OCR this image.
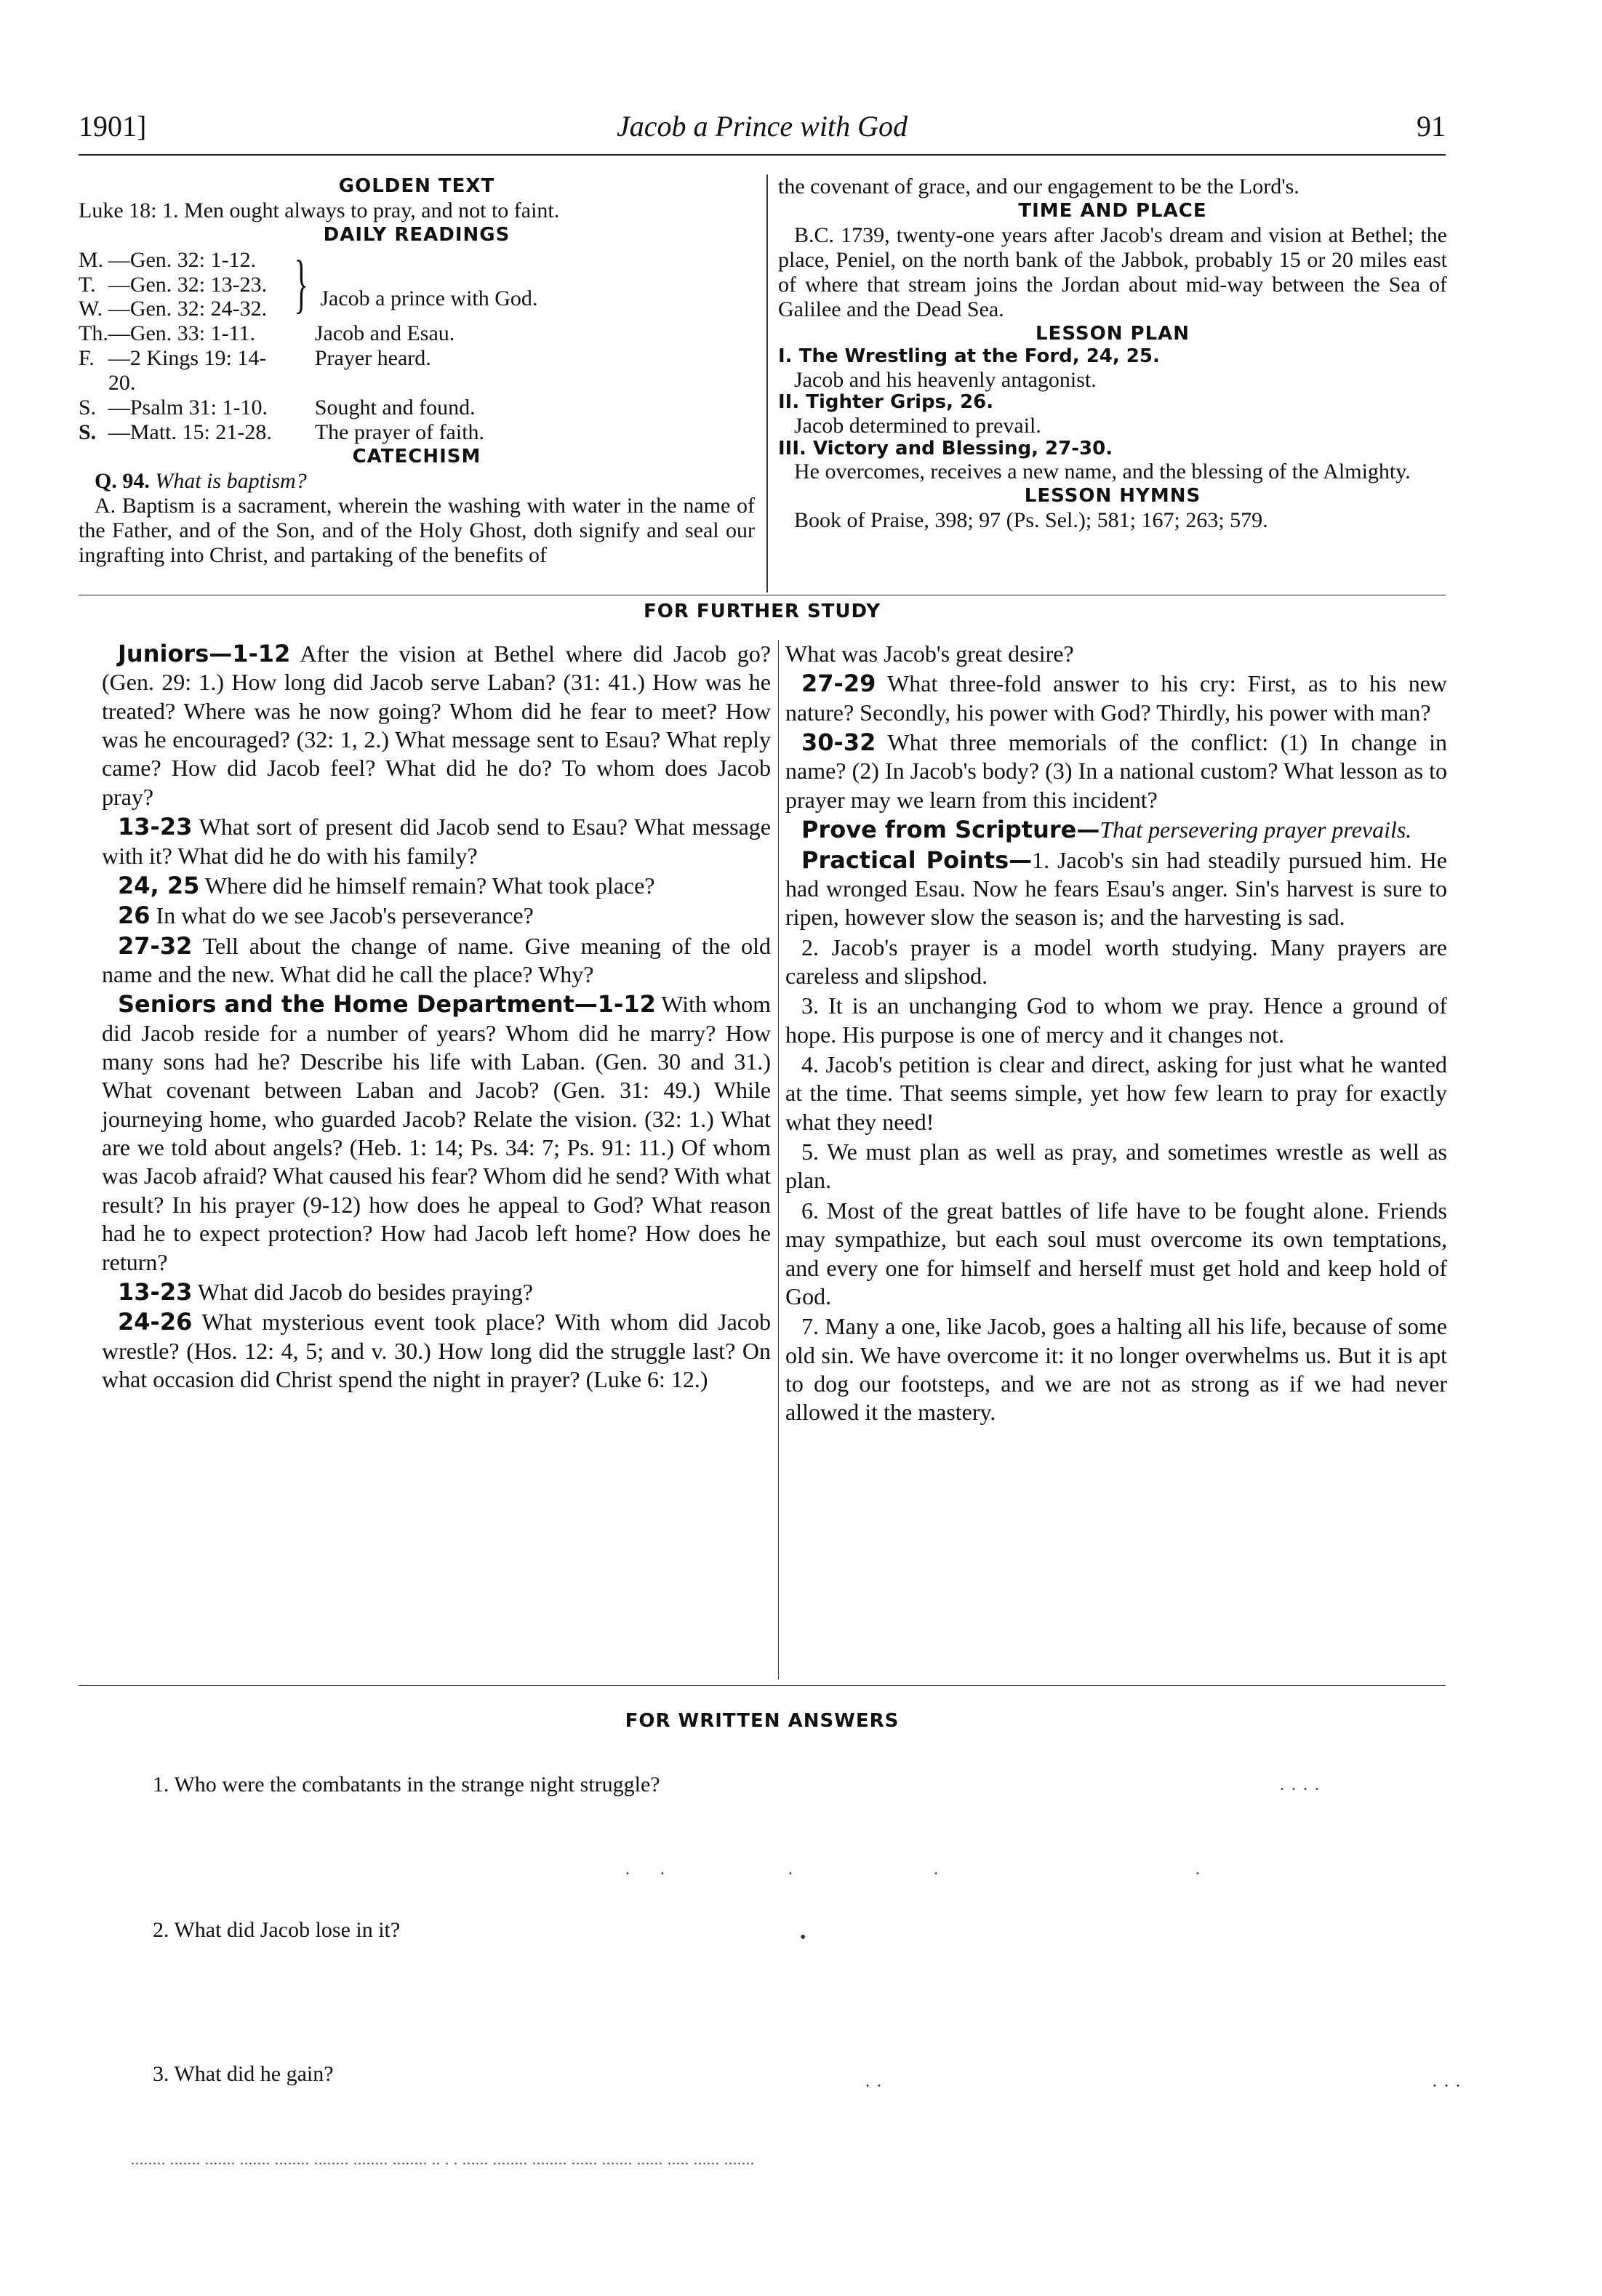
1901]	Jacob a Prince with God	91
GOLDEN TEXT

Luke 18: 1. Men ought always to pray, and not to faint.

DAILY READINGS
M.	—Gen. 32: 1-12.	} Jacob a prince with God.
T.	—Gen. 32: 13-23.	
W.	—Gen. 32: 24-32.	
Th.	—Gen. 33: 1-11.	Jacob and Esau.
F.	—2 Kings 19: 14-20.	Prayer heard.
S.	—Psalm 31: 1-10.	Sought and found.
S.	—Matt. 15: 21-28.	The prayer of faith.
CATECHISM

Q. 94. What is baptism?

A. Baptism is a sacrament, wherein the washing with water in the name of the Father, and of the Son, and of the Holy Ghost, doth signify and seal our ingrafting into Christ, and partaking of the benefits of

the covenant of grace, and our engagement to be the Lord's.

TIME AND PLACE

B.C. 1739, twenty-one years after Jacob's dream and vision at Bethel; the place, Peniel, on the north bank of the Jabbok, probably 15 or 20 miles east of where that stream joins the Jordan about mid-way between the Sea of Galilee and the Dead Sea.

LESSON PLAN

I. The Wrestling at the Ford, 24, 25.

Jacob and his heavenly antagonist.

II. Tighter Grips, 26.

Jacob determined to prevail.

III. Victory and Blessing, 27-30.

He overcomes, receives a new name, and the blessing of the Almighty.

LESSON HYMNS

Book of Praise, 398; 97 (Ps. Sel.); 581; 167; 263; 579.

FOR FURTHER STUDY

Juniors—1-12 After the vision at Bethel where did Jacob go? (Gen. 29: 1.) How long did Jacob serve Laban? (31: 41.) How was he treated? Where was he now going? Whom did he fear to meet? How was he encouraged? (32: 1, 2.) What message sent to Esau? What reply came? How did Jacob feel? What did he do? To whom does Jacob pray?

13-23 What sort of present did Jacob send to Esau? What message with it? What did he do with his family?

24, 25 Where did he himself remain? What took place?

26 In what do we see Jacob's perseverance?

27-32 Tell about the change of name. Give meaning of the old name and the new. What did he call the place? Why?

Seniors and the Home Department—1-12 With whom did Jacob reside for a number of years? Whom did he marry? How many sons had he? Describe his life with Laban. (Gen. 30 and 31.) What covenant between Laban and Jacob? (Gen. 31: 49.) While journeying home, who guarded Jacob? Relate the vision. (32: 1.) What are we told about angels? (Heb. 1: 14; Ps. 34: 7; Ps. 91: 11.) Of whom was Jacob afraid? What caused his fear? Whom did he send? With what result? In his prayer (9-12) how does he appeal to God? What reason had he to expect protection? How had Jacob left home? How does he return?

13-23 What did Jacob do besides praying?

24-26 What mysterious event took place? With whom did Jacob wrestle? (Hos. 12: 4, 5; and v. 30.) How long did the struggle last? On what occasion did Christ spend the night in prayer? (Luke 6: 12.)

What was Jacob's great desire?

27-29 What three-fold answer to his cry: First, as to his new nature? Secondly, his power with God? Thirdly, his power with man?

30-32 What three memorials of the conflict: (1) In change in name? (2) In Jacob's body? (3) In a national custom? What lesson as to prayer may we learn from this incident?

Prove from Scripture—That persevering prayer prevails.

Practical Points—1. Jacob's sin had steadily pursued him. He had wronged Esau. Now he fears Esau's anger. Sin's harvest is sure to ripen, however slow the season is; and the harvesting is sad.

2. Jacob's prayer is a model worth studying. Many prayers are careless and slipshod.

3. It is an unchanging God to whom we pray. Hence a ground of hope. His purpose is one of mercy and it changes not.

4. Jacob's petition is clear and direct, asking for just what he wanted at the time. That seems simple, yet how few learn to pray for exactly what they need!

5. We must plan as well as pray, and sometimes wrestle as well as plan.

6. Most of the great battles of life have to be fought alone. Friends may sympathize, but each soul must overcome its own temptations, and every one for himself and herself must get hold and keep hold of God.

7. Many a one, like Jacob, goes a halting all his life, because of some old sin. We have overcome it: it no longer overwhelms us. But it is apt to dog our footsteps, and we are not as strong as if we had never allowed it the mastery.

FOR WRITTEN ANSWERS
1. Who were the combatants in the strange night struggle?	. . . .
.     .                     .                        .                                            .
2. What did Jacob lose in it?	•
3. What did he gain?	. .	. . .
........ ....... ....... ....... ........ ........ ........ ........ .. . . ...... ........ ........ ...... ....... ...... ..... ...... .......
